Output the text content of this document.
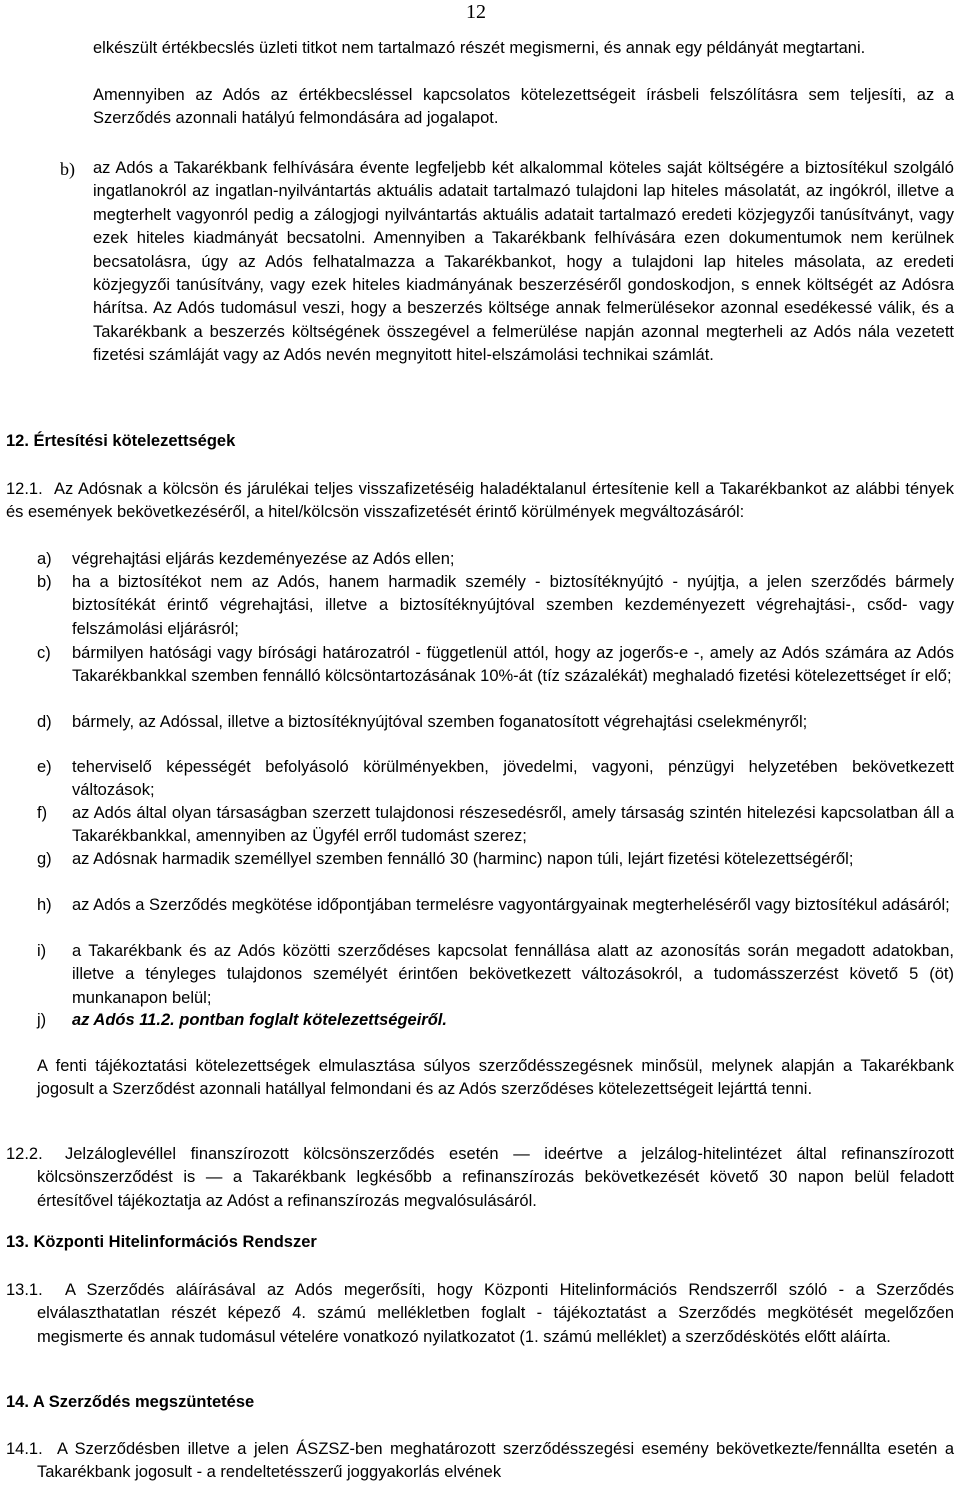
12

elkészült értékbecslés üzleti titkot nem tartalmazó részét megismerni, és annak egy példányát megtartani.

Amennyiben az Adós az értékbecsléssel kapcsolatos kötelezettségeit írásbeli felszólításra sem teljesíti, az a Szerződés azonnali hatályú felmondására ad jogalapot.

b) az Adós a Takarékbank felhívására évente legfeljebb két alkalommal köteles saját költségére a biztosítékul szolgáló ingatlanokról az ingatlan-nyilvántartás aktuális adatait tartalmazó tulajdoni lap hiteles másolatát, az ingókról, illetve a megterhelt vagyonról pedig a zálogjogi nyilvántartás aktuális adatait tartalmazó eredeti közjegyzői tanúsítványt, vagy ezek hiteles kiadmányát becsatolni. Amennyiben a Takarékbank felhívására ezen dokumentumok nem kerülnek becsatolásra, úgy az Adós felhatalmazza a Takarékbankot, hogy a tulajdoni lap hiteles másolata, az eredeti közjegyzői tanúsítvány, vagy ezek hiteles kiadmányának beszerzéséről gondoskodjon, s ennek költségét az Adósra hárítsa. Az Adós tudomásul veszi, hogy a beszerzés költsége annak felmerülésekor azonnal esedékessé válik, és a Takarékbank a beszerzés költségének összegével a felmerülése napján azonnal megterheli az Adós nála vezetett fizetési számláját vagy az Adós nevén megnyitott hitel-elszámolási technikai számlát.

12. Értesítési kötelezettségek

12.1. Az Adósnak a kölcsön és járulékai teljes visszafizetéséig haladéktalanul értesítenie kell a Takarékbankot az alábbi tények és események bekövetkezéséről, a hitel/kölcsön visszafizetését érintő körülmények megváltozásáról:

a) végrehajtási eljárás kezdeményezése az Adós ellen;

b) ha a biztosítékot nem az Adós, hanem harmadik személy - biztosítéknyújtó - nyújtja, a jelen szerződés bármely biztosítékát érintő végrehajtási, illetve a biztosítéknyújtóval szemben kezdeményezett végrehajtási-, csőd- vagy felszámolási eljárásról;

c) bármilyen hatósági vagy bírósági határozatról - függetlenül attól, hogy az jogerős-e -, amely az Adós számára az Adós Takarékbankkal szemben fennálló kölcsöntartozásának 10%-át (tíz százalékát) meghaladó fizetési kötelezettséget ír elő;

d) bármely, az Adóssal, illetve a biztosítéknyújtóval szemben foganatosított végrehajtási cselekményről;

e) teherviselő képességét befolyásoló körülményekben, jövedelmi, vagyoni, pénzügyi helyzetében bekövetkezett változások;

f) az Adós által olyan társaságban szerzett tulajdonosi részesedésről, amely társaság szintén hitelezési kapcsolatban áll a Takarékbankkal, amennyiben az Ügyfél erről tudomást szerez;

g) az Adósnak harmadik személlyel szemben fennálló 30 (harminc) napon túli, lejárt fizetési kötelezettségéről;

h) az Adós a Szerződés megkötése időpontjában termelésre vagyontárgyainak megterheléséről vagy biztosítékul adásáról;

i) a Takarékbank és az Adós közötti szerződéses kapcsolat fennállása alatt az azonosítás során megadott adatokban, illetve a tényleges tulajdonos személyét érintően bekövetkezett változásokról, a tudomásszerzést követő 5 (öt) munkanapon belül;

j) az Adós 11.2. pontban foglalt kötelezettségeiről.

A fenti tájékoztatási kötelezettségek elmulasztása súlyos szerződésszegésnek minősül, melynek alapján a Takarékbank jogosult a Szerződést azonnali hatállyal felmondani és az Adós szerződéses kötelezettségeit lejárttá tenni.

12.2.	Jelzáloglevéllel finanszírozott kölcsönszerződés esetén — ideértve a jelzálog-hitelintézet által refinanszírozott kölcsönszerződést is — a Takarékbank legkésőbb a refinanszírozás bekövetkezését követő 30 napon belül feladott értesítővel tájékoztatja az Adóst a refinanszírozás megvalósulásáról.

13. Központi Hitelinformációs Rendszer

13.1.	A Szerződés aláírásával az Adós megerősíti, hogy Központi Hitelinformációs Rendszerről szóló - a Szerződés elválaszthatatlan részét képező 4. számú mellékletben foglalt - tájékoztatást a Szerződés megkötését megelőzően megismerte és annak tudomásul vételére vonatkozó nyilatkozatot (1. számú melléklet) a szerződéskötés előtt aláírta.

14. A Szerződés megszüntetése

14.1. A Szerződésben illetve a jelen ÁSZSZ-ben meghatározott szerződésszegési esemény bekövetkezte/fennállta esetén a Takarékbank jogosult - a rendeltetésszerű joggyakorlás elvének
